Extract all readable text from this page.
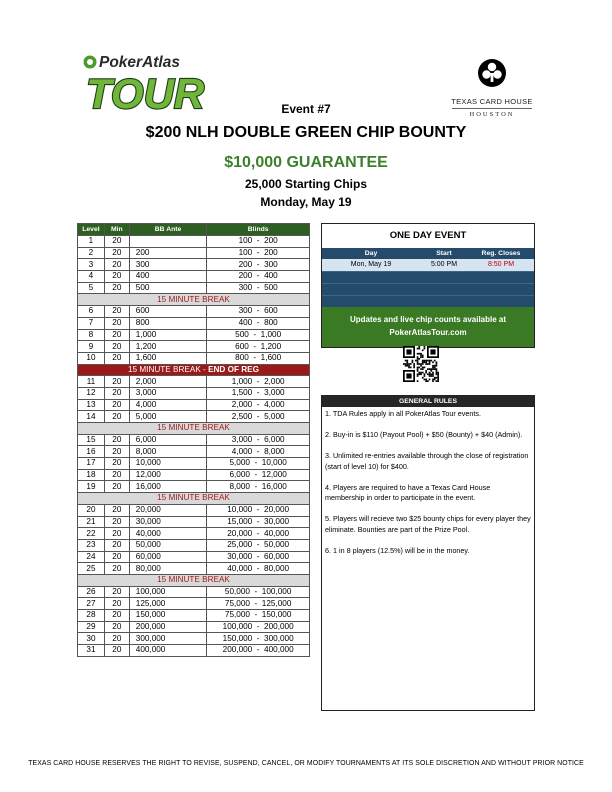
PokerAtlas
TOUR	TEXAS CARD HOUSE
HOUSTON
Event #7
$200 NLH DOUBLE GREEN CHIP BOUNTY
$10,000 GUARANTEE
25,000 Starting Chips
Monday, May 19
Level	Min	BB Ante	Blinds
1	20		100  -  200
2	20	200	100  -  200
3	20	300	200  -  300
4	20	400	200  -  400
5	20	500	300  -  500
15 MINUTE BREAK			
6	20	600	300  -  600
7	20	800	400  -  800
8	20	1,000	500  -  1,000
9	20	1,200	600  -  1,200
10	20	1,600	800  -  1,600
15 MINUTE BREAK - END OF REG			
11	20	2,000	1,000  -  2,000
12	20	3,000	1,500  -  3,000
13	20	4,000	2,000  -  4,000
14	20	5,000	2,500  -  5,000
15 MINUTE BREAK			
15	20	6,000	3,000  -  6,000
16	20	8,000	4,000  -  8,000
17	20	10,000	5,000  -  10,000
18	20	12,000	6,000  -  12,000
19	20	16,000	8,000  -  16,000
15 MINUTE BREAK			
20	20	20,000	10,000  -  20,000
21	20	30,000	15,000  -  30,000
22	20	40,000	20,000  -  40,000
23	20	50,000	25,000  -  50,000
24	20	60,000	30,000  -  60,000
25	20	80,000	40,000  -  80,000
15 MINUTE BREAK			
26	20	100,000	50,000  -  100,000
27	20	125,000	75,000  -  125,000
28	20	150,000	75,000  -  150,000
29	20	200,000	100,000  -  200,000
30	20	300,000	150,000  -  300,000
31	20	400,000	200,000  -  400,000
ONE DAY EVENT
Day	Start	Reg. Closes
Mon, May 19	5:00 PM	8:50 PM
Updates and live chip counts available at
PokerAtlasTour.com
GENERAL RULES

1. TDA Rules apply in all PokerAtlas Tour events.

2. Buy-in is $110 (Payout Pool) + $50 (Bounty) + $40 (Admin).

3. Unlimited re-entries available through the close of registration (start of level 10) for $400.

4. Players are required to have a Texas Card House membership in order to participate in the event.

5. Players will recieve two $25 bounty chips for every player they eliminate. Bounties are part of the Prize Pool.

6. 1 in 8 players (12.5%) will be in the money.

TEXAS CARD HOUSE RESERVES THE RIGHT TO REVISE, SUSPEND, CANCEL, OR MODIFY TOURNAMENTS AT ITS SOLE DISCRETION AND WITHOUT PRIOR NOTICE
